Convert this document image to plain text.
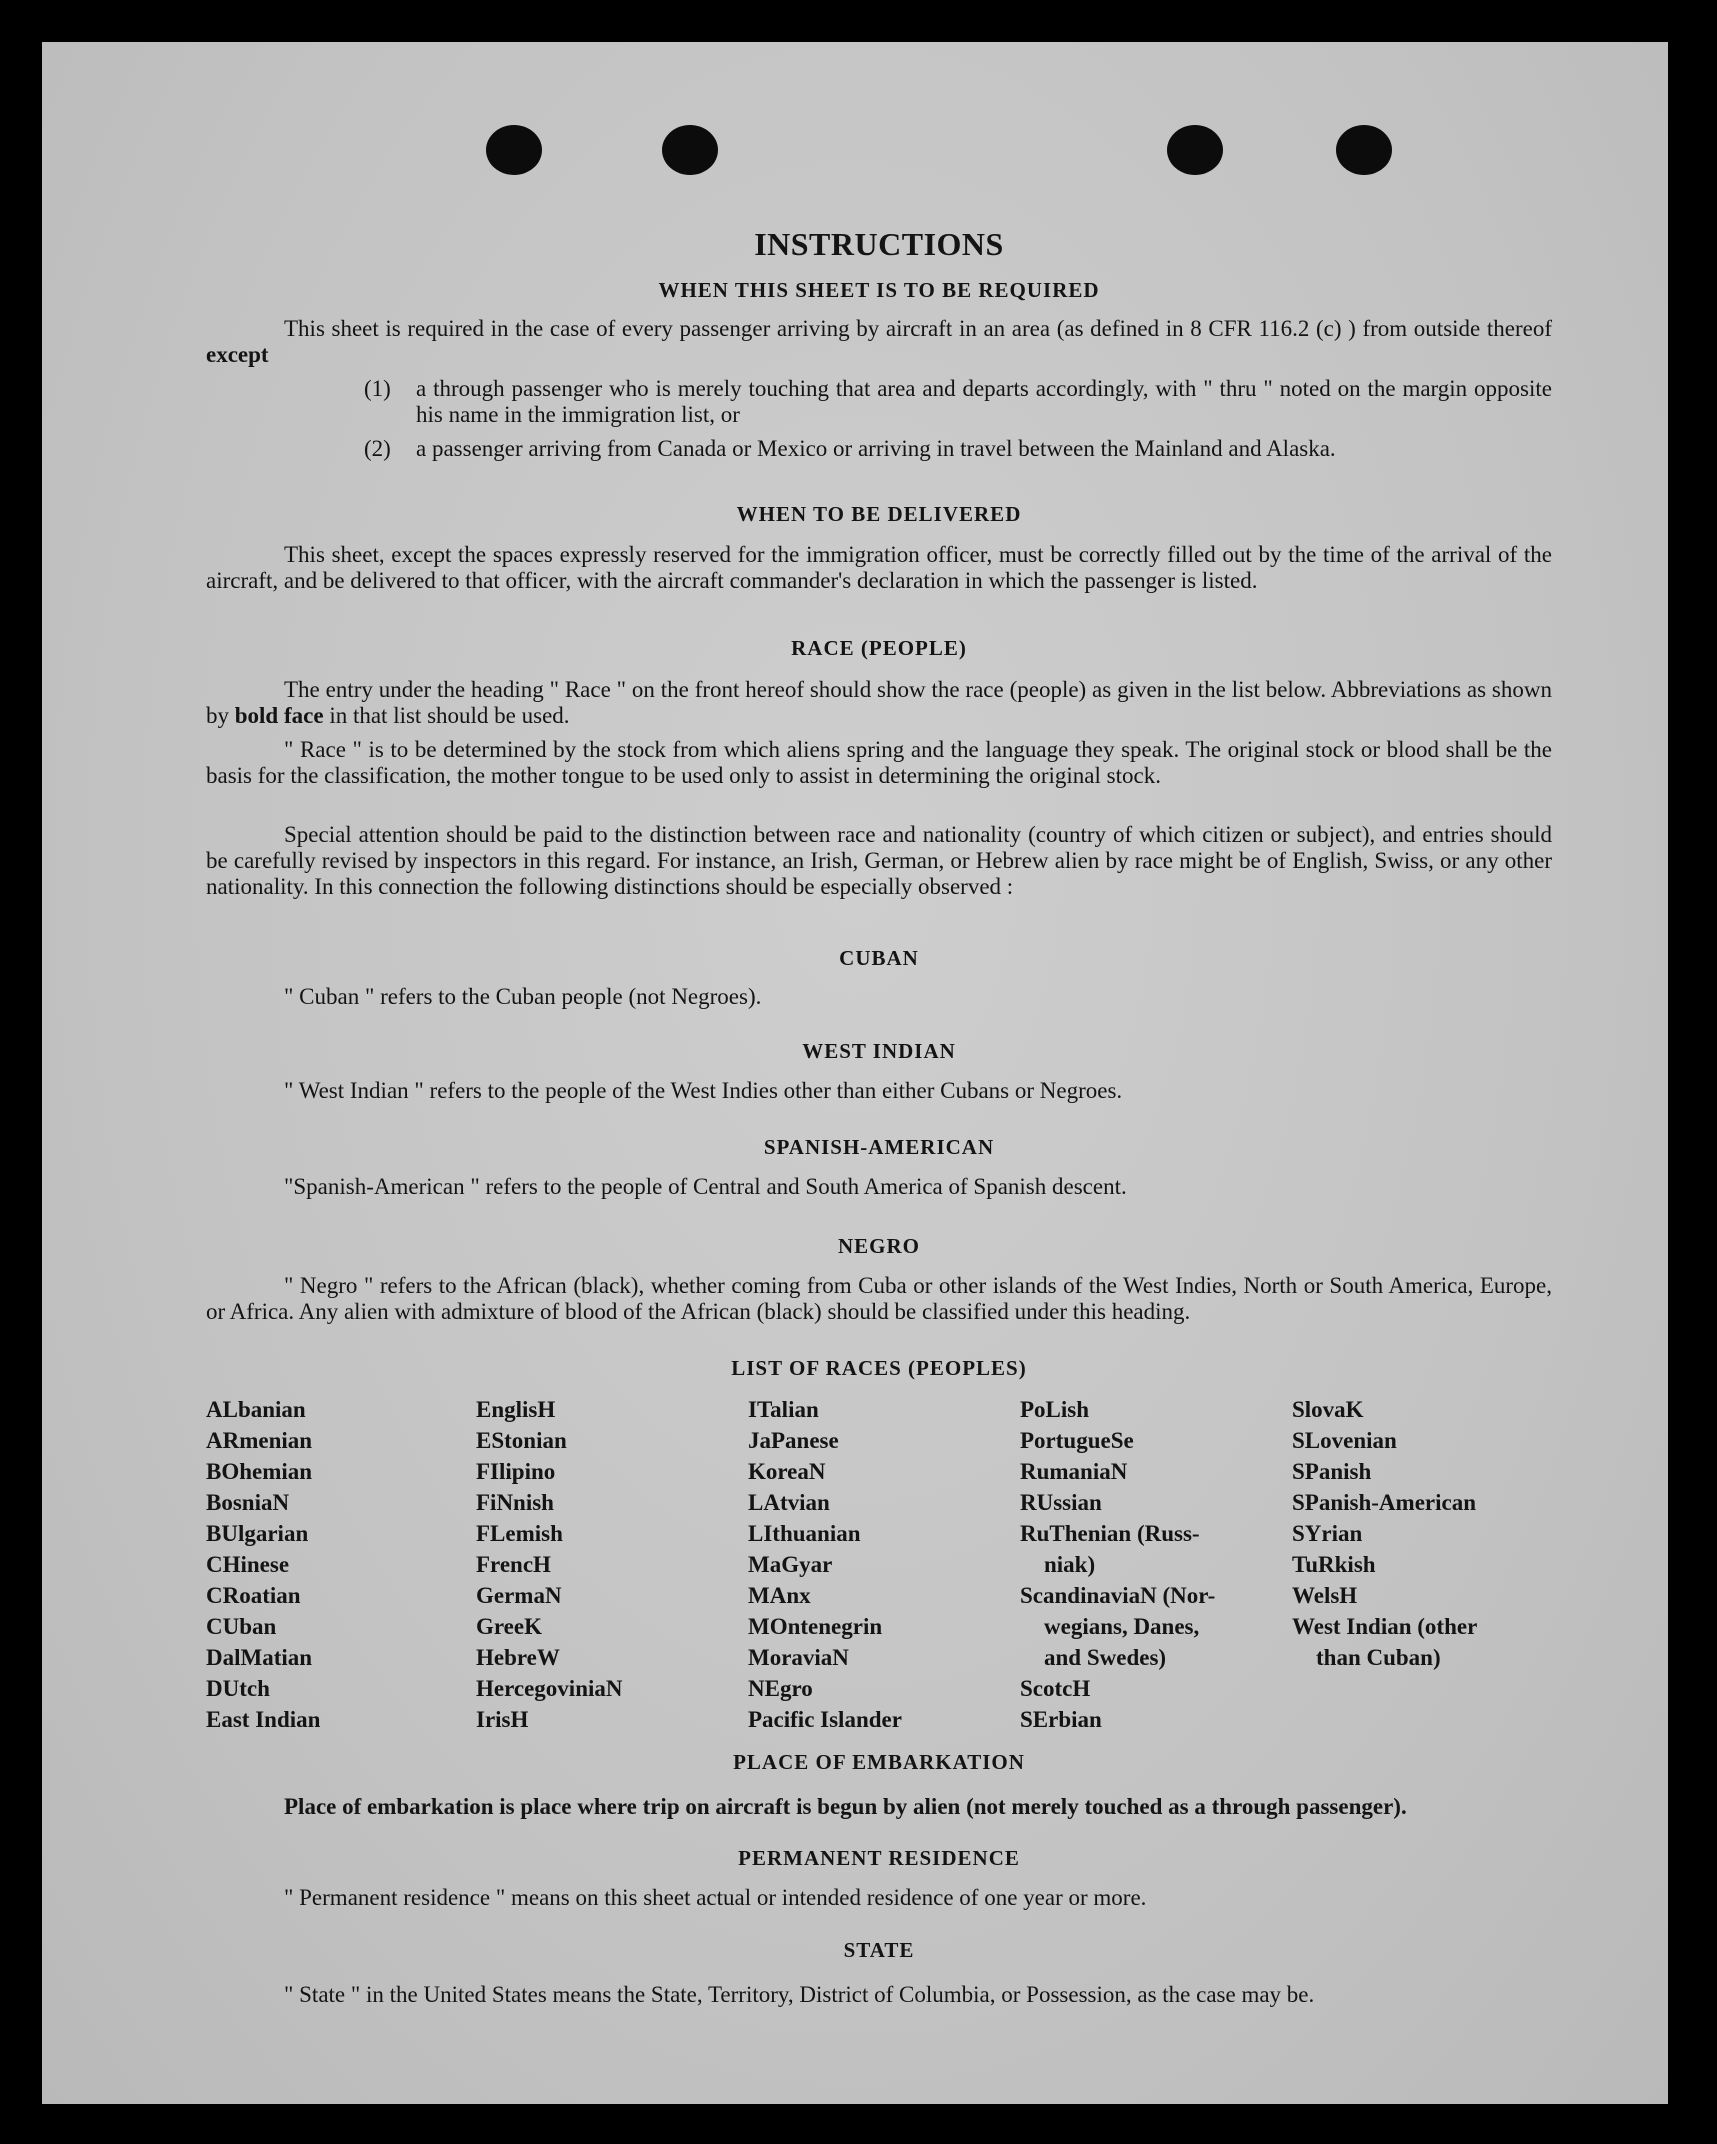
INSTRUCTIONS
WHEN THIS SHEET IS TO BE REQUIRED
This sheet is required in the case of every passenger arriving by aircraft in an area (as defined in 8 CFR 116.2 (c) ) from outside thereof except
(1) a through passenger who is merely touching that area and departs accordingly, with " thru " noted on the margin opposite his name in the immigration list, or
(2) a passenger arriving from Canada or Mexico or arriving in travel between the Mainland and Alaska.
WHEN TO BE DELIVERED
This sheet, except the spaces expressly reserved for the immigration officer, must be correctly filled out by the time of the arrival of the aircraft, and be delivered to that officer, with the aircraft commander's declaration in which the passenger is listed.
RACE (PEOPLE)
The entry under the heading " Race " on the front hereof should show the race (people) as given in the list below. Abbreviations as shown by bold face in that list should be used.
" Race " is to be determined by the stock from which aliens spring and the language they speak. The original stock or blood shall be the basis for the classification, the mother tongue to be used only to assist in determining the original stock.
Special attention should be paid to the distinction between race and nationality (country of which citizen or subject), and entries should be carefully revised by inspectors in this regard. For instance, an Irish, German, or Hebrew alien by race might be of English, Swiss, or any other nationality. In this connection the following distinctions should be especially observed :
CUBAN
" Cuban " refers to the Cuban people (not Negroes).
WEST INDIAN
" West Indian " refers to the people of the West Indies other than either Cubans or Negroes.
SPANISH-AMERICAN
"Spanish-American " refers to the people of Central and South America of Spanish descent.
NEGRO
" Negro " refers to the African (black), whether coming from Cuba or other islands of the West Indies, North or South America, Europe, or Africa. Any alien with admixture of blood of the African (black) should be classified under this heading.
LIST OF RACES (PEOPLES)
ALbanian
ARmenian
BOhemian
BosniaN
BUlgarian
CHinese
CRoatian
CUban
DalMatian
DUtch
East Indian
EnglisH
EStonian
FIlipino
FiNnish
FLemish
FrencH
GermaN
GreeK
HebreW
HercegoviniaN
IrisH
ITalian
JaPanese
KoreaN
LAtvian
LIthuanian
MaGyar
MAnx
MOntenegrin
MoraviaN
NEgro
Pacific Islander
PoLish
PortugueSe
RumaniaN
RUssian
RuThenian (Russ-
niak)
ScandinaviaN (Nor-
wegians, Danes,
and Swedes)
ScotcH
SErbian
SlovaK
SLovenian
SPanish
SPanish-American
SYrian
TuRkish
WelsH
West Indian (other
than Cuban)
PLACE OF EMBARKATION
Place of embarkation is place where trip on aircraft is begun by alien (not merely touched as a through passenger).
PERMANENT RESIDENCE
" Permanent residence " means on this sheet actual or intended residence of one year or more.
STATE
" State " in the United States means the State, Territory, District of Columbia, or Possession, as the case may be.
